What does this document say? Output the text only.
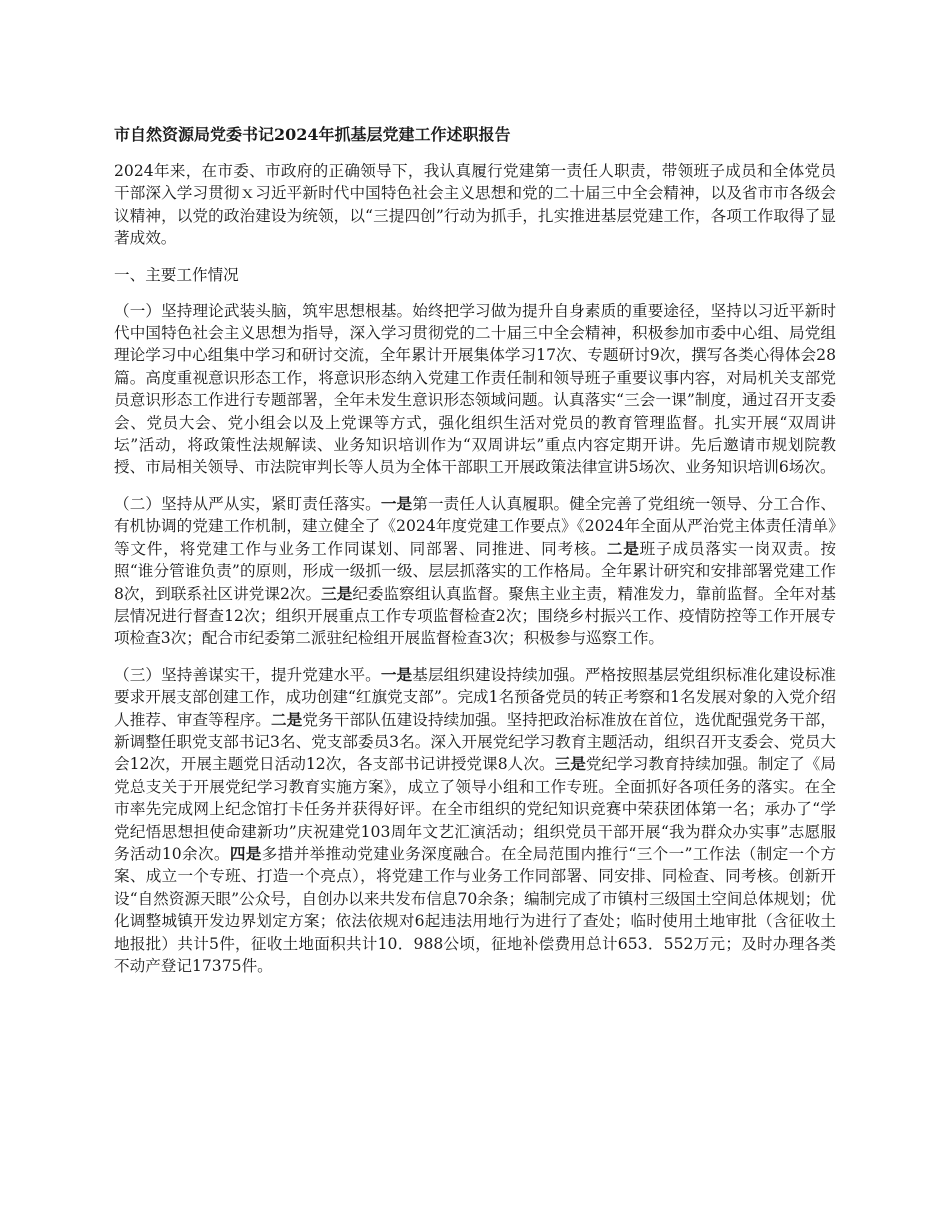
市自然资源局党委书记2024年抓基层党建工作述职报告
2024年来，在市委、市政府的正确领导下，我认真履行党建第一责任人职责，带领班子成员和全体党员干部深入学习贯彻ｘ习近平新时代中国特色社会主义思想和党的二十届三中全会精神，以及省市市各级会议精神，以党的政治建设为统领，以“三提四创”行动为抓手，扎实推进基层党建工作，各项工作取得了显著成效。
一、主要工作情况
（一）坚持理论武装头脑，筑牢思想根基。始终把学习做为提升自身素质的重要途径，坚持以习近平新时代中国特色社会主义思想为指导，深入学习贯彻党的二十届三中全会精神，积极参加市委中心组、局党组理论学习中心组集中学习和研讨交流，全年累计开展集体学习17次、专题研讨9次，撰写各类心得体会28篇。高度重视意识形态工作，将意识形态纳入党建工作责任制和领导班子重要议事内容，对局机关支部党员意识形态工作进行专题部署，全年未发生意识形态领域问题。认真落实“三会一课”制度，通过召开支委会、党员大会、党小组会以及上党课等方式，强化组织生活对党员的教育管理监督。扎实开展“双周讲坛”活动，将政策性法规解读、业务知识培训作为“双周讲坛”重点内容定期开讲。先后邀请市规划院教授、市局相关领导、市法院审判长等人员为全体干部职工开展政策法律宣讲5场次、业务知识培训6场次。
（二）坚持从严从实，紧盯责任落实。一是第一责任人认真履职。健全完善了党组统一领导、分工合作、有机协调的党建工作机制，建立健全了《2024年度党建工作要点》《2024年全面从严治党主体责任清单》等文件，将党建工作与业务工作同谋划、同部署、同推进、同考核。二是班子成员落实一岗双责。按照“谁分管谁负责”的原则，形成一级抓一级、层层抓落实的工作格局。全年累计研究和安排部署党建工作8次，到联系社区讲党课2次。三是纪委监察组认真监督。聚焦主业主责，精准发力，靠前监督。全年对基层情况进行督查12次；组织开展重点工作专项监督检查2次；围绕乡村振兴工作、疫情防控等工作开展专项检查3次；配合市纪委第二派驻纪检组开展监督检查3次；积极参与巡察工作。
（三）坚持善谋实干，提升党建水平。一是基层组织建设持续加强。严格按照基层党组织标准化建设标准要求开展支部创建工作，成功创建“红旗党支部”。完成1名预备党员的转正考察和1名发展对象的入党介绍人推荐、审查等程序。二是党务干部队伍建设持续加强。坚持把政治标准放在首位，选优配强党务干部，新调整任职党支部书记3名、党支部委员3名。深入开展党纪学习教育主题活动，组织召开支委会、党员大会12次，开展主题党日活动12次，各支部书记讲授党课8人次。三是党纪学习教育持续加强。制定了《局党总支关于开展党纪学习教育实施方案》，成立了领导小组和工作专班。全面抓好各项任务的落实。在全市率先完成网上纪念馆打卡任务并获得好评。在全市组织的党纪知识竞赛中荣获团体第一名；承办了“学党纪悟思想担使命建新功”庆祝建党103周年文艺汇演活动；组织党员干部开展“我为群众办实事”志愿服务活动10余次。四是多措并举推动党建业务深度融合。在全局范围内推行“三个一”工作法（制定一个方案、成立一个专班、打造一个亮点），将党建工作与业务工作同部署、同安排、同检查、同考核。创新开设“自然资源天眼”公众号，自创办以来共发布信息70余条；编制完成了市镇村三级国土空间总体规划；优化调整城镇开发边界划定方案；依法依规对6起违法用地行为进行了查处；临时使用土地审批（含征收土地报批）共计5件，征收土地面积共计10．988公顷，征地补偿费用总计653．552万元；及时办理各类不动产登记17375件。
